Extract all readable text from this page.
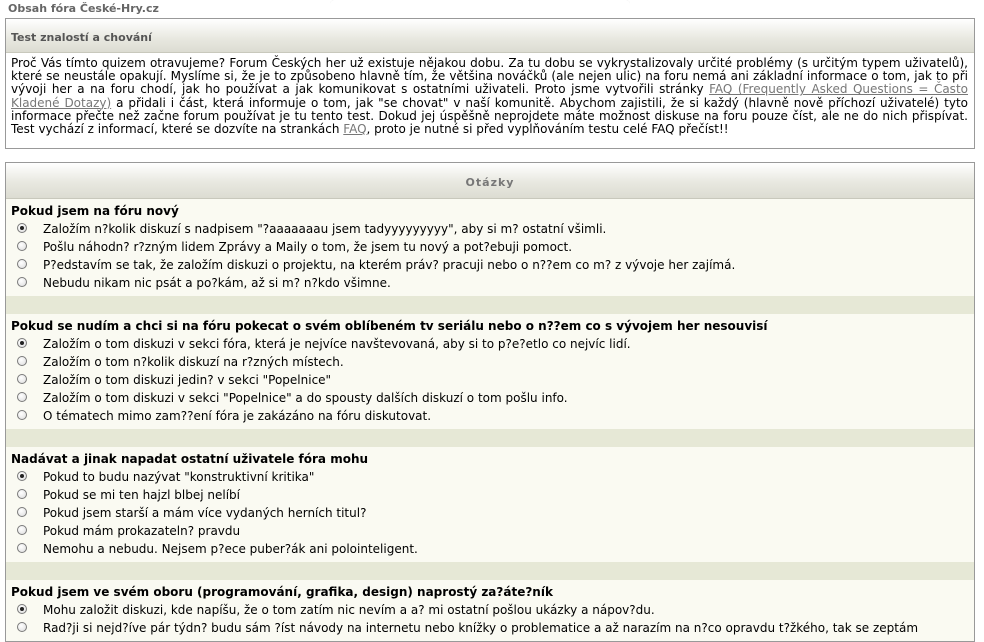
Obsah fóra České-Hry.cz
Test znalostí a chování
Proč Vás tímto quizem otravujeme? Forum Českých her už existuje nějakou dobu. Za tu dobu se vykrystalizovaly určité problémy (s určitým typem uživatelů), které se neustále opakují. Myslíme si, že je to způsobeno hlavně tím, že většina nováčků (ale nejen ulic) na foru nemá ani základní informace o tom, jak to při vývoji her a na foru chodí, jak ho používat a jak komunikovat s ostatními uživateli. Proto jsme vytvořili stránky FAQ (Frequently Asked Questions = Často Kladené Dotazy) a přidali i část, která informuje o tom, jak "se chovat" v naší komunitě. Abychom zajistili, že si každý (hlavně nově příchozí uživatelé) tyto informace přečte než začne forum používat je tu tento test. Dokud jej úspěšně neprojdete máte možnost diskuse na foru pouze číst, ale ne do nich přispívat. Test vychází z informací, které se dozvíte na strankách FAQ, proto je nutné si před vyplňováním testu celé FAQ přečíst!!
Otázky
Pokud jsem na fóru nový
Založím n?kolik diskuzí s nadpisem "?aaaaaaau jsem tadyyyyyyyyy", aby si m? ostatní všimli.
Pošlu náhodn? r?zným lidem Zprávy a Maily o tom, že jsem tu nový a pot?ebuji pomoct.
P?edstavím se tak, že založím diskuzi o projektu, na kterém práv? pracuji nebo o n??em co m? z vývoje her zajímá.
Nebudu nikam nic psát a po?kám, až si m? n?kdo všimne.
Pokud se nudím a chci si na fóru pokecat o svém oblíbeném tv seriálu nebo o n??em co s vývojem her nesouvisí
Založím o tom diskuzi v sekci fóra, která je nejvíce navštevovaná, aby si to p?e?etlo co nejvíc lidí.
Založím o tom n?kolik diskuzí na r?zných místech.
Založím o tom diskuzi jedin? v sekci "Popelnice"
Založím o tom diskuzi v sekci "Popelnice" a do spousty dalších diskuzí o tom pošlu info.
O tématech mimo zam??ení fóra je zakázáno na fóru diskutovat.
Nadávat a jinak napadat ostatní uživatele fóra mohu
Pokud to budu nazývat "konstruktivní kritika"
Pokud se mi ten hajzl blbej nelíbí
Pokud jsem starší a mám více vydaných herních titul?
Pokud mám prokazateln? pravdu
Nemohu a nebudu. Nejsem p?ece puber?ák ani polointeligent.
Pokud jsem ve svém oboru (programování, grafika, design) naprostý za?áte?ník
Mohu založit diskuzi, kde napíšu, že o tom zatím nic nevím a a? mi ostatní pošlou ukázky a nápov?du.
Rad?ji si nejd?íve pár týdn? budu sám ?íst návody na internetu nebo knížky o problematice a až narazím na n?co opravdu t?žkého, tak se zeptám
